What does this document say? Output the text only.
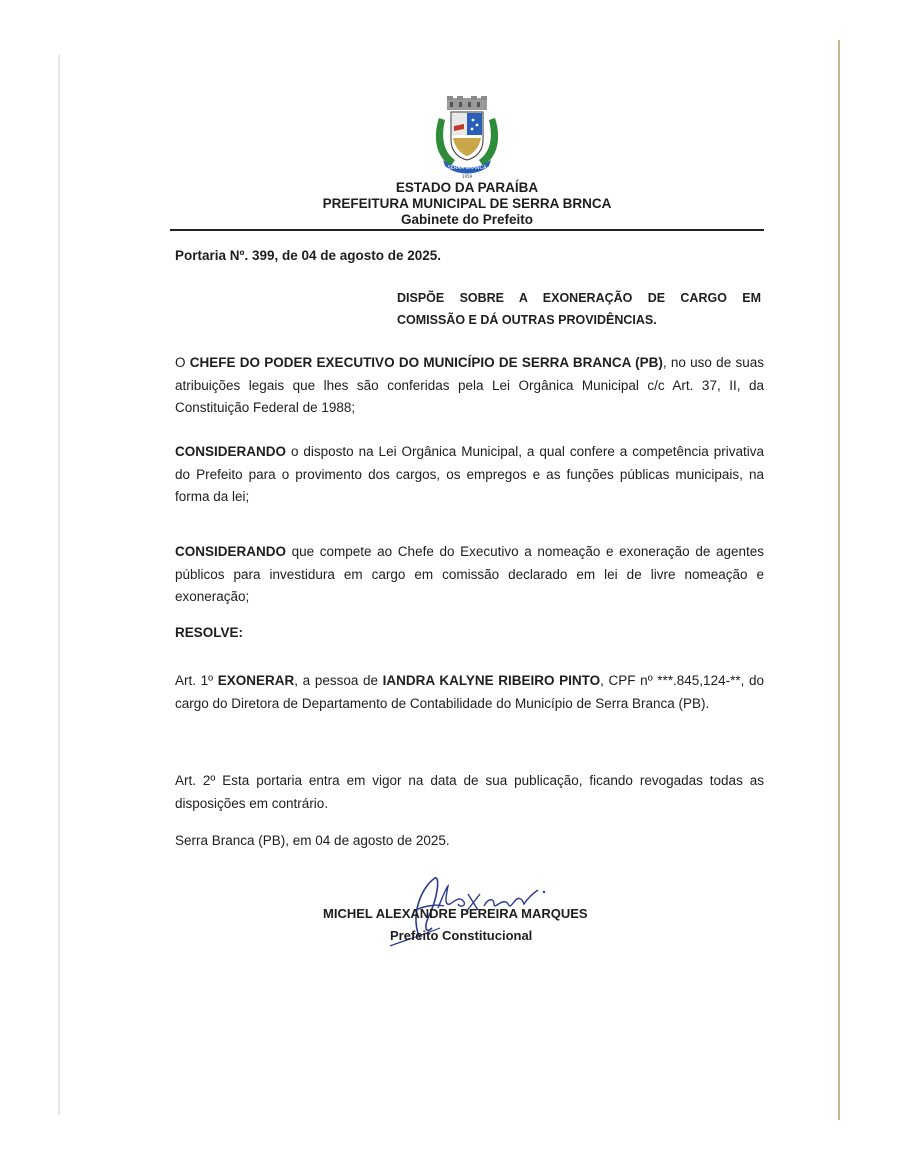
SERRA BRANCA
1959
ESTADO DA PARAÍBA
PREFEITURA MUNICIPAL DE SERRA BRNCA
Gabinete do Prefeito
Portaria Nº. 399, de 04 de agosto de 2025.
DISPÕE SOBRE A EXONERAÇÃO DE CARGO EM COMISSÃO E DÁ OUTRAS PROVIDÊNCIAS.

O CHEFE DO PODER EXECUTIVO DO MUNICÍPIO DE SERRA BRANCA (PB), no uso de suas atribuições legais que lhes são conferidas pela Lei Orgânica Municipal c/c Art. 37, II, da Constituição Federal de 1988;

CONSIDERANDO o disposto na Lei Orgânica Municipal, a qual confere a competência privativa do Prefeito para o provimento dos cargos, os empregos e as funções públicas municipais, na forma da lei;

CONSIDERANDO que compete ao Chefe do Executivo a nomeação e exoneração de agentes públicos para investidura em cargo em comissão declarado em lei de livre nomeação e exoneração;

RESOLVE:

Art. 1º EXONERAR, a pessoa de IANDRA KALYNE RIBEIRO PINTO, CPF nº ***.845,124-**, do cargo do Diretora de Departamento de Contabilidade do Município de Serra Branca (PB).

Art. 2º Esta portaria entra em vigor na data de sua publicação, ficando revogadas todas as disposições em contrário.

Serra Branca (PB), em 04 de agosto de 2025.

MICHEL ALEXANDRE PEREIRA MARQUES
Prefeito Constitucional
